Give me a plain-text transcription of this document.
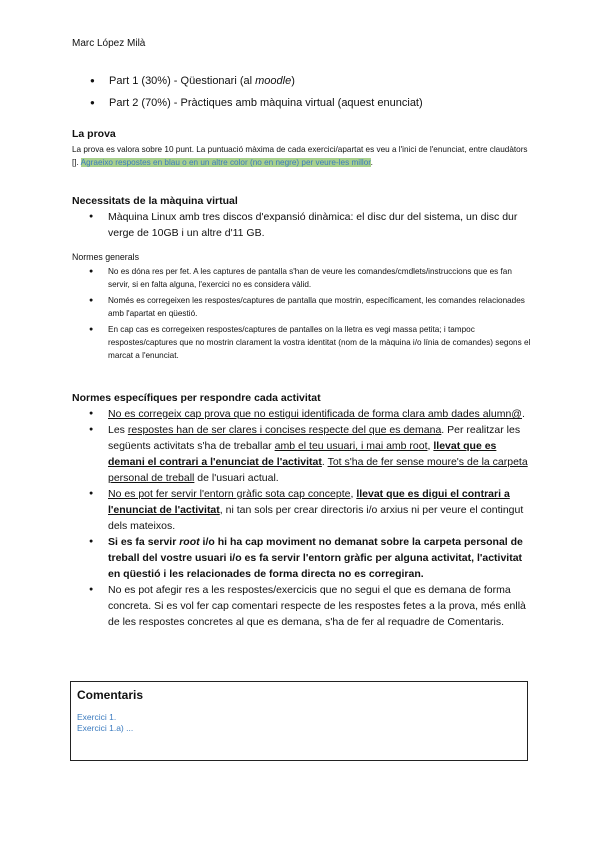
Marc López Milà
● Part 1 (30%) - Qüestionari (al moodle)
● Part 2 (70%) - Pràctiques amb màquina virtual (aquest enunciat)
La prova

La prova es valora sobre 10 punt. La puntuació màxima de cada exercici/apartat es veu a l'inici de l'enunciat, entre claudàtors []. Agraeixo respostes en blau o en un altre color (no en negre) per veure-les millor.

Necessitats de la màquina virtual
● Màquina Linux amb tres discos d'expansió dinàmica: el disc dur del sistema, un disc dur verge de 10GB i un altre d'11 GB.
Normes generals
● No es dóna res per fet. A les captures de pantalla s'han de veure les comandes/cmdlets/instruccions que es fan servir, si en falta alguna, l'exercici no es considera vàlid.
● Només es corregeixen les respostes/captures de pantalla que mostrin, específicament, les comandes relacionades amb l'apartat en qüestió.
● En cap cas es corregeixen respostes/captures de pantalles on la lletra es vegi massa petita; i tampoc respostes/captures que no mostrin clarament la vostra identitat (nom de la màquina i/o línia de comandes) segons el marcat a l'enunciat.
Normes específiques per respondre cada activitat
● No es corregeix cap prova que no estigui identificada de forma clara amb dades alumn@.
● Les respostes han de ser clares i concises respecte del que es demana. Per realitzar les següents activitats s'ha de treballar amb el teu usuari, i mai amb root, llevat que es demani el contrari a l'enunciat de l'activitat. Tot s'ha de fer sense moure's de la carpeta personal de treball de l'usuari actual.
● No es pot fer servir l'entorn gràfic sota cap concepte, llevat que es digui el contrari a l'enunciat de l'activitat, ni tan sols per crear directoris i/o arxius ni per veure el contingut dels mateixos.
● Si es fa servir root i/o hi ha cap moviment no demanat sobre la carpeta personal de treball del vostre usuari i/o es fa servir l'entorn gràfic per alguna activitat, l'activitat en qüestió i les relacionades de forma directa no es corregiran.
● No es pot afegir res a les respostes/exercicis que no segui el que es demana de forma concreta. Si es vol fer cap comentari respecte de les respostes fetes a la prova, més enllà de les respostes concretes al que es demana, s'ha de fer al requadre de Comentaris.
Comentaris
Exercici 1.
Exercici 1.a) ...
